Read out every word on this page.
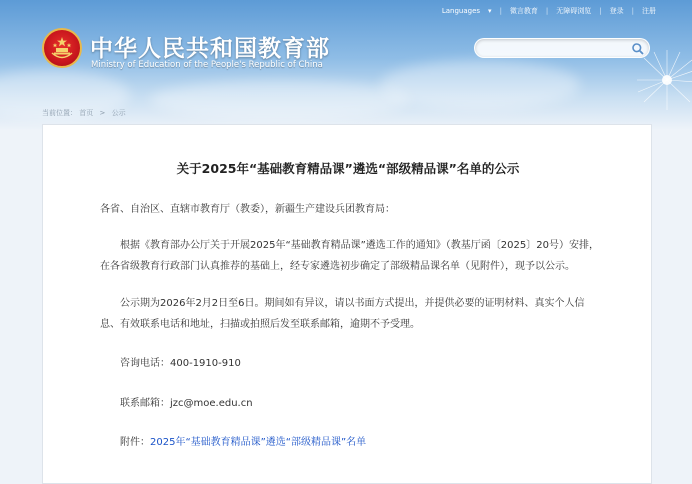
Languages ▾ | 微言教育 | 无障碍浏览 | 登录 | 注册
中华人民共和国教育部
Ministry of Education of the People's Republic of China
当前位置： 首页 > 公示
关于2025年“基础教育精品课”遴选“部级精品课”名单的公示
各省、自治区、直辖市教育厅（教委），新疆生产建设兵团教育局：
根据《教育部办公厅关于开展2025年“基础教育精品课”遴选工作的通知》（教基厅函〔2025〕20号）安排，在各省级教育行政部门认真推荐的基础上，经专家遴选初步确定了部级精品课名单（见附件），现予以公示。
公示期为2026年2月2日至6日。期间如有异议，请以书面方式提出，并提供必要的证明材料、真实个人信息、有效联系电话和地址，扫描或拍照后发至联系邮箱，逾期不予受理。
咨询电话：400-1910-910
联系邮箱：jzc@moe.edu.cn
附件：2025年“基础教育精品课”遴选“部级精品课”名单
